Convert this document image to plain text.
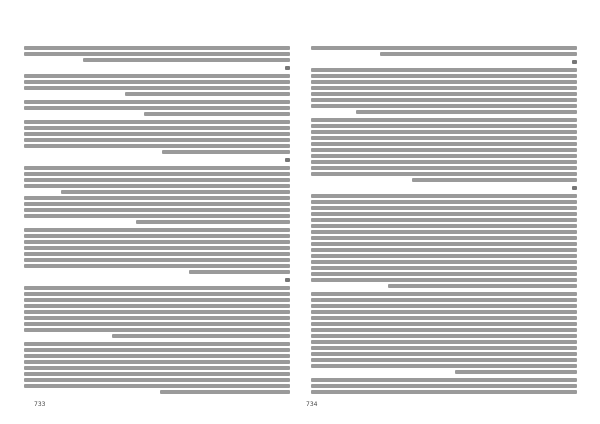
733	734
